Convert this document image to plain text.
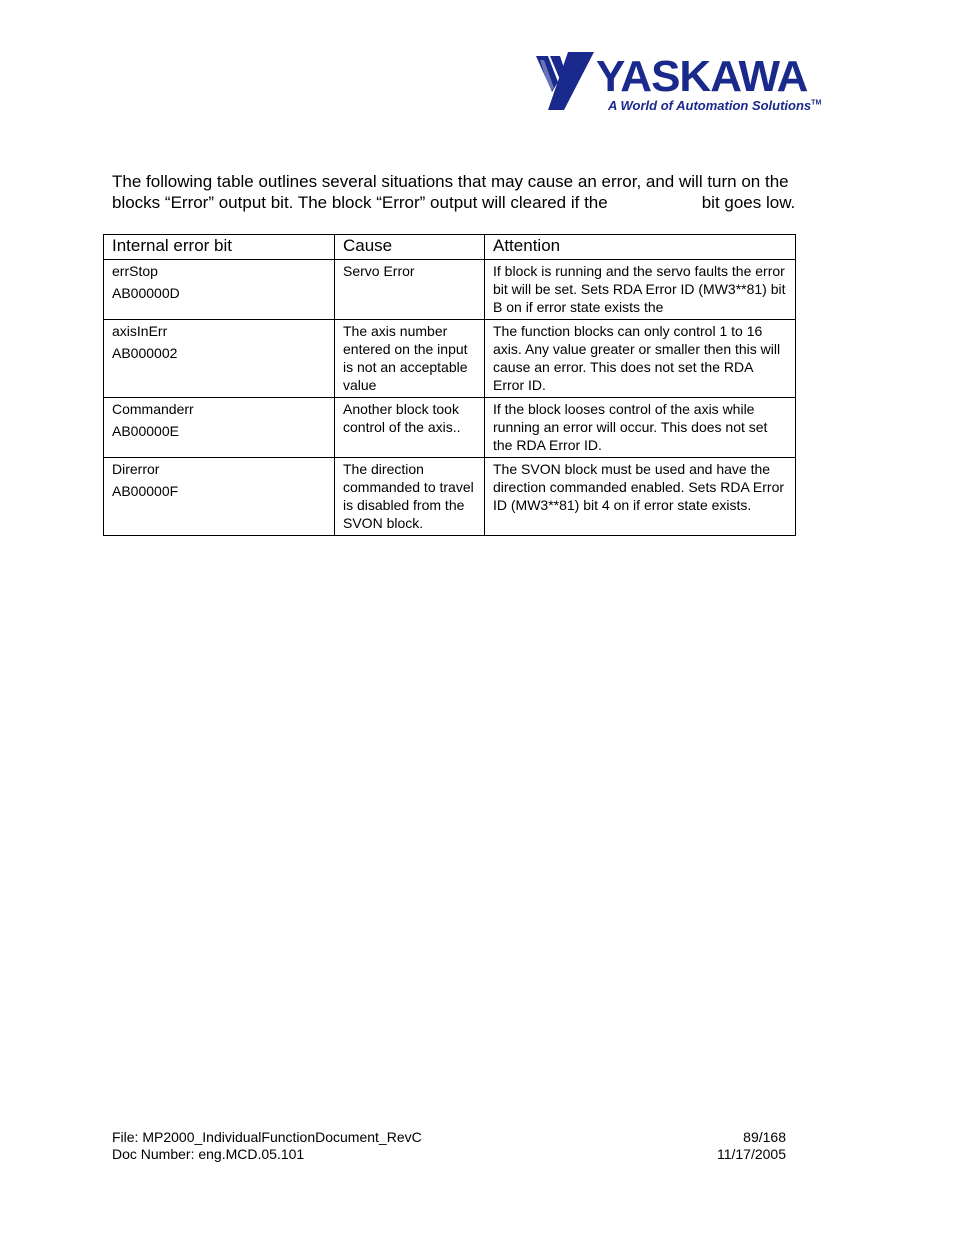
YASKAWA
A World of Automation Solutions™

The following table outlines several situations that may cause an error, and will turn on the blocks “Error” output bit. The block “Error” output will cleared if the	bit goes low.

Internal error bit	Cause	Attention

errStop
AB00000D	Servo Error	If block is running and the servo faults the error bit will be set. Sets RDA Error ID (MW3**81) bit B on if error state exists the

axisInErr
AB000002	The axis number entered on the input is not an acceptable value	The function blocks can only control 1 to 16 axis. Any value greater or smaller then this will cause an error. This does not set the RDA Error ID.

Commanderr
AB00000E	Another block took control of the axis..	If the block looses control of the axis while running an error will occur. This does not set the RDA Error ID.

Direrror
AB00000F	The direction commanded to travel is disabled from the SVON block.	The SVON block must be used and have the direction commanded enabled. Sets RDA Error ID (MW3**81) bit 4 on if error state exists.
File: MP2000_IndividualFunctionDocument_RevC	89/168
Doc Number: eng.MCD.05.101	11/17/2005
